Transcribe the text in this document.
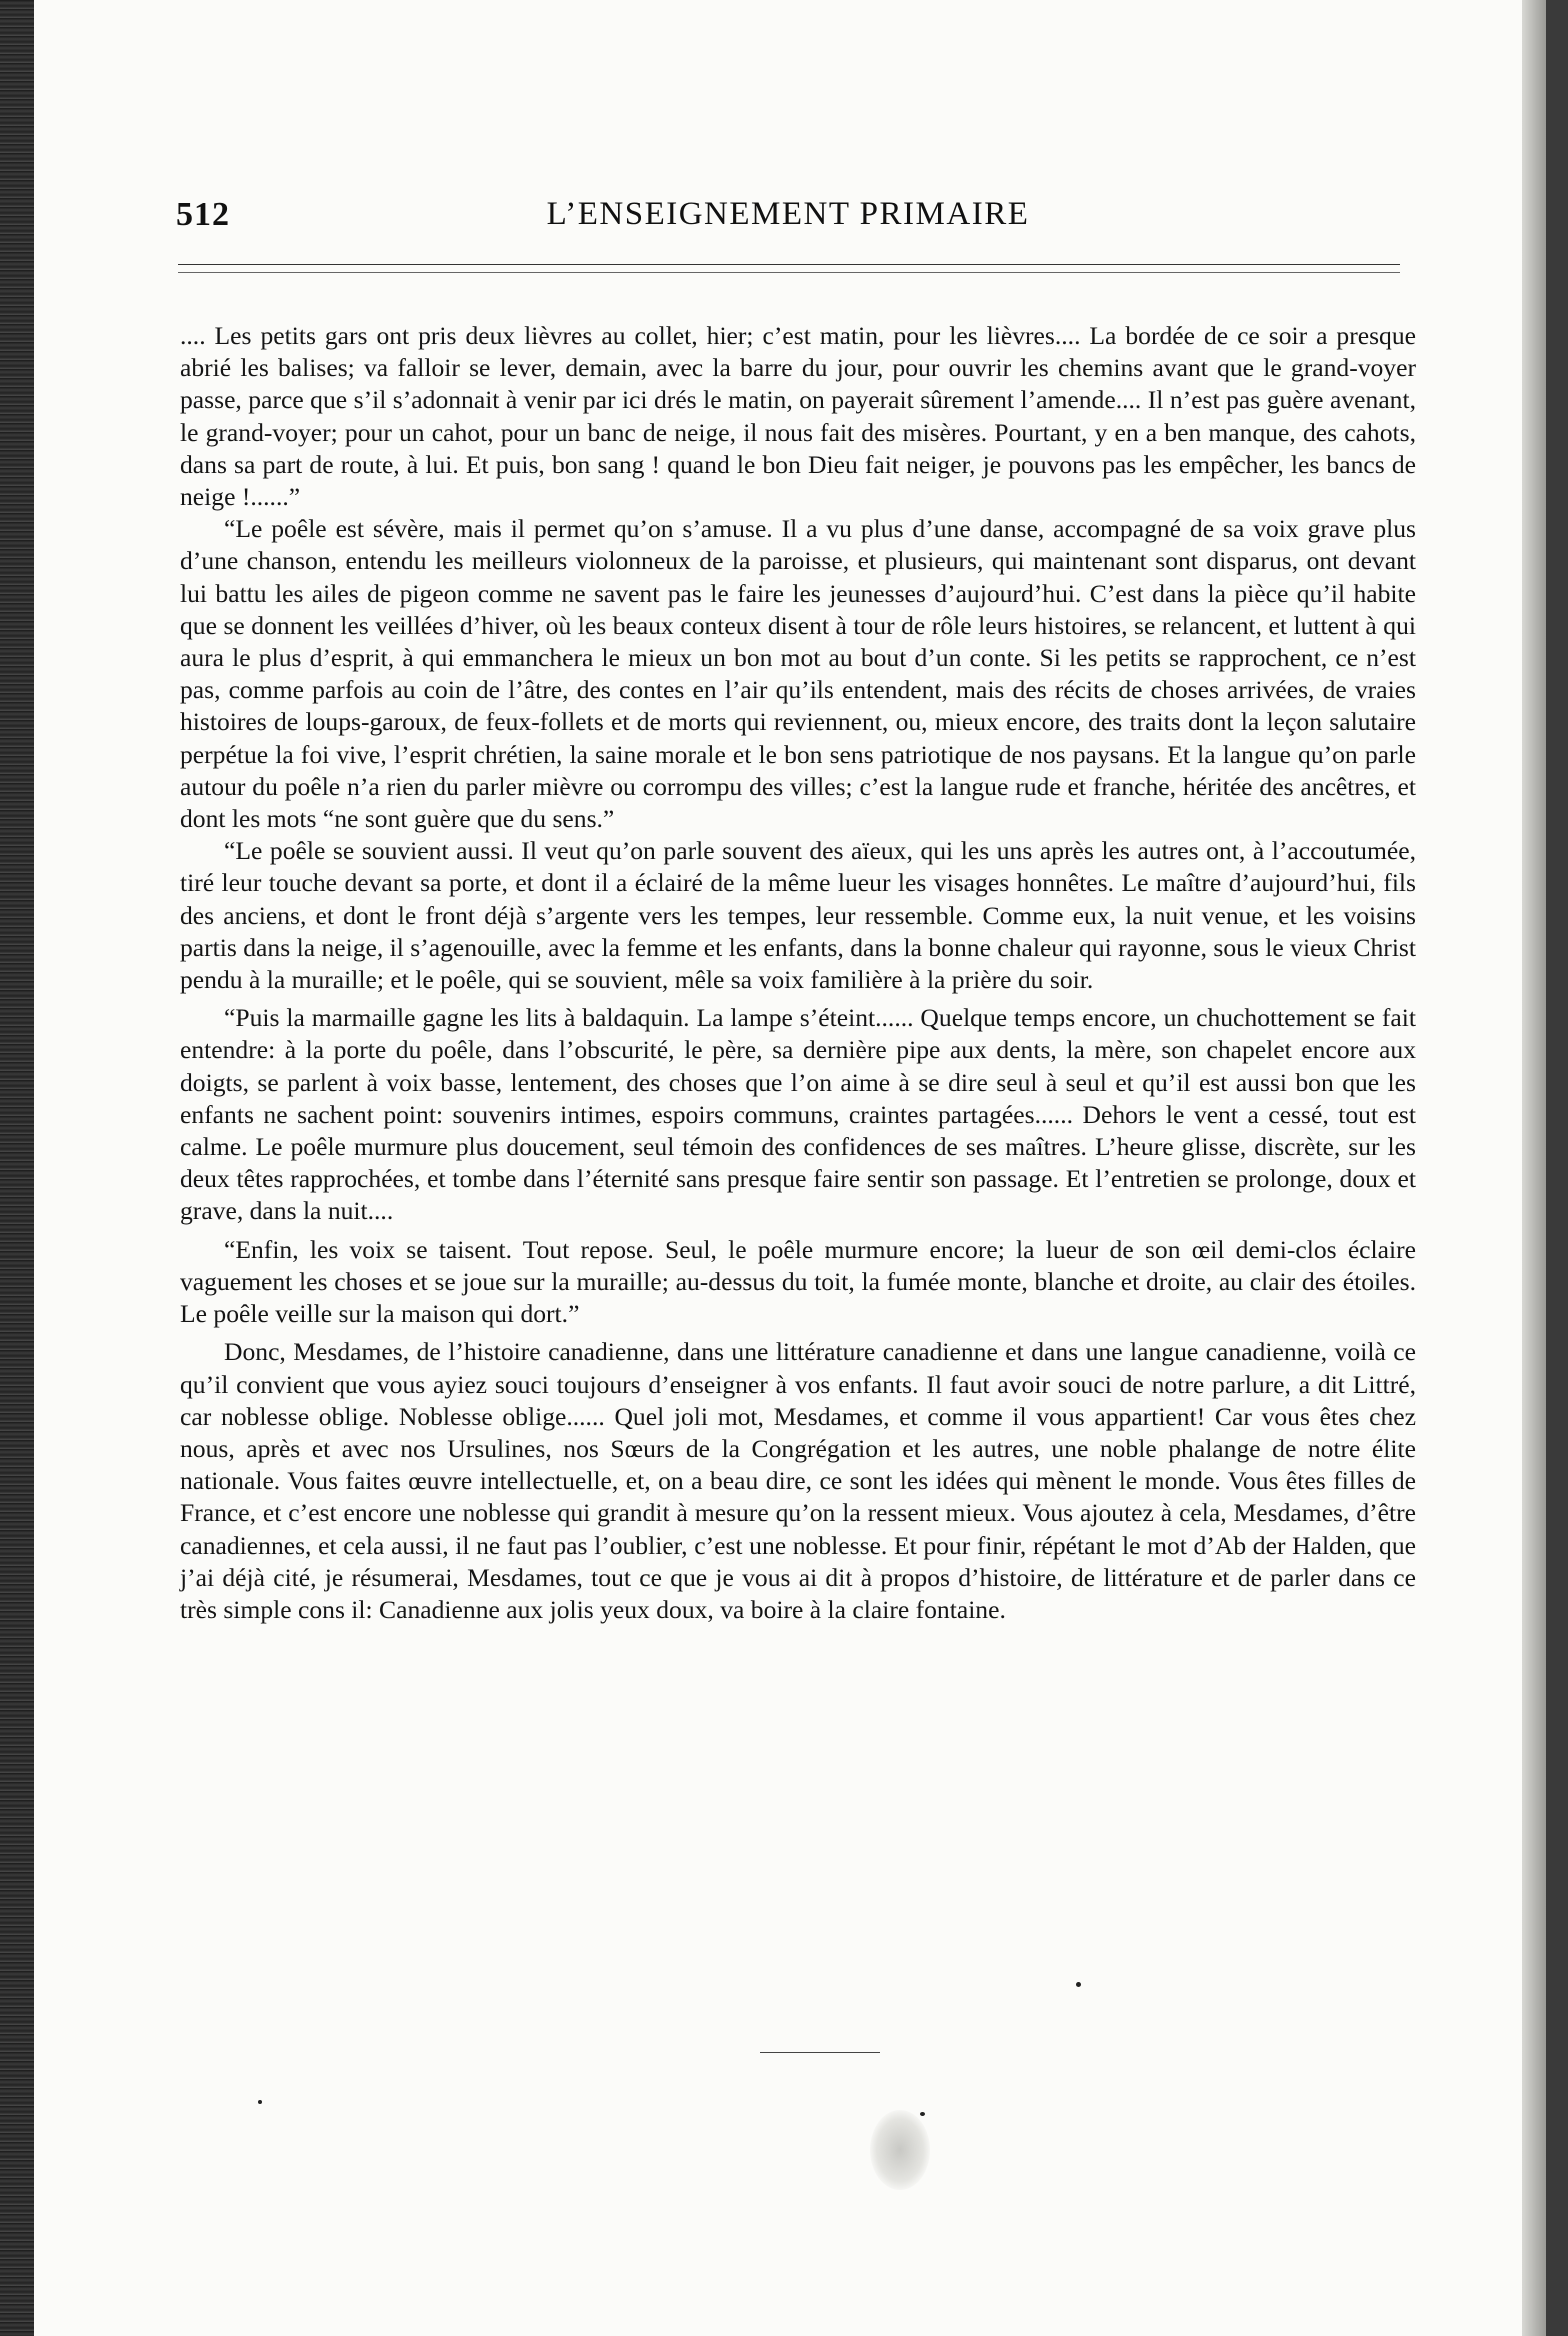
512	L’ENSEIGNEMENT PRIMAIRE

.... Les petits gars ont pris deux lièvres au collet, hier; c’est matin, pour les lièvres.... La bordée de ce soir a presque abrié les balises; va falloir se lever, demain, avec la barre du jour, pour ouvrir les chemins avant que le grand-voyer passe, parce que s’il s’adonnait à venir par ici drés le matin, on payerait sûrement l’amende.... Il n’est pas guère avenant, le grand-voyer; pour un cahot, pour un banc de neige, il nous fait des misères. Pourtant, y en a ben manque, des cahots, dans sa part de route, à lui. Et puis, bon sang ! quand le bon Dieu fait neiger, je pouvons pas les empêcher, les bancs de neige !......”

“Le poêle est sévère, mais il permet qu’on s’amuse. Il a vu plus d’une danse, accompagné de sa voix grave plus d’une chanson, entendu les meilleurs violonneux de la paroisse, et plusieurs, qui maintenant sont disparus, ont devant lui battu les ailes de pigeon comme ne savent pas le faire les jeunesses d’aujourd’hui. C’est dans la pièce qu’il habite que se donnent les veillées d’hiver, où les beaux conteux disent à tour de rôle leurs histoires, se relancent, et luttent à qui aura le plus d’esprit, à qui emmanchera le mieux un bon mot au bout d’un conte. Si les petits se rapprochent, ce n’est pas, comme parfois au coin de l’âtre, des contes en l’air qu’ils entendent, mais des récits de choses arrivées, de vraies histoires de loups-garoux, de feux-follets et de morts qui reviennent, ou, mieux encore, des traits dont la leçon salutaire perpétue la foi vive, l’esprit chrétien, la saine morale et le bon sens patriotique de nos paysans. Et la langue qu’on parle autour du poêle n’a rien du parler mièvre ou corrompu des villes; c’est la langue rude et franche, héritée des ancêtres, et dont les mots “ne sont guère que du sens.”

“Le poêle se souvient aussi. Il veut qu’on parle souvent des aïeux, qui les uns après les autres ont, à l’accoutumée, tiré leur touche devant sa porte, et dont il a éclairé de la même lueur les visages honnêtes. Le maître d’aujourd’hui, fils des anciens, et dont le front déjà s’argente vers les tempes, leur ressemble. Comme eux, la nuit venue, et les voisins partis dans la neige, il s’agenouille, avec la femme et les enfants, dans la bonne chaleur qui rayonne, sous le vieux Christ pendu à la muraille; et le poêle, qui se souvient, mêle sa voix familière à la prière du soir.

“Puis la marmaille gagne les lits à baldaquin. La lampe s’éteint...... Quelque temps encore, un chuchottement se fait entendre: à la porte du poêle, dans l’obscurité, le père, sa dernière pipe aux dents, la mère, son chapelet encore aux doigts, se parlent à voix basse, lentement, des choses que l’on aime à se dire seul à seul et qu’il est aussi bon que les enfants ne sachent point: souvenirs intimes, espoirs communs, craintes partagées...... Dehors le vent a cessé, tout est calme. Le poêle murmure plus doucement, seul témoin des confidences de ses maîtres. L’heure glisse, discrète, sur les deux têtes rapprochées, et tombe dans l’éternité sans presque faire sentir son passage. Et l’entretien se prolonge, doux et grave, dans la nuit....

“Enfin, les voix se taisent. Tout repose. Seul, le poêle murmure encore; la lueur de son œil demi-clos éclaire vaguement les choses et se joue sur la muraille; au-dessus du toit, la fumée monte, blanche et droite, au clair des étoiles. Le poêle veille sur la maison qui dort.”

Donc, Mesdames, de l’histoire canadienne, dans une littérature canadienne et dans une langue canadienne, voilà ce qu’il convient que vous ayiez souci toujours d’enseigner à vos enfants. Il faut avoir souci de notre parlure, a dit Littré, car noblesse oblige. Noblesse oblige...... Quel joli mot, Mesdames, et comme il vous appartient! Car vous êtes chez nous, après et avec nos Ursulines, nos Sœurs de la Congrégation et les autres, une noble phalange de notre élite nationale. Vous faites œuvre intellectuelle, et, on a beau dire, ce sont les idées qui mènent le monde. Vous êtes filles de France, et c’est encore une noblesse qui grandit à mesure qu’on la ressent mieux. Vous ajoutez à cela, Mesdames, d’être canadiennes, et cela aussi, il ne faut pas l’oublier, c’est une noblesse. Et pour finir, répétant le mot d’Ab der Halden, que j’ai déjà cité, je résumerai, Mesdames, tout ce que je vous ai dit à propos d’histoire, de littérature et de parler dans ce très simple cons il: Canadienne aux jolis yeux doux, va boire à la claire fontaine.
